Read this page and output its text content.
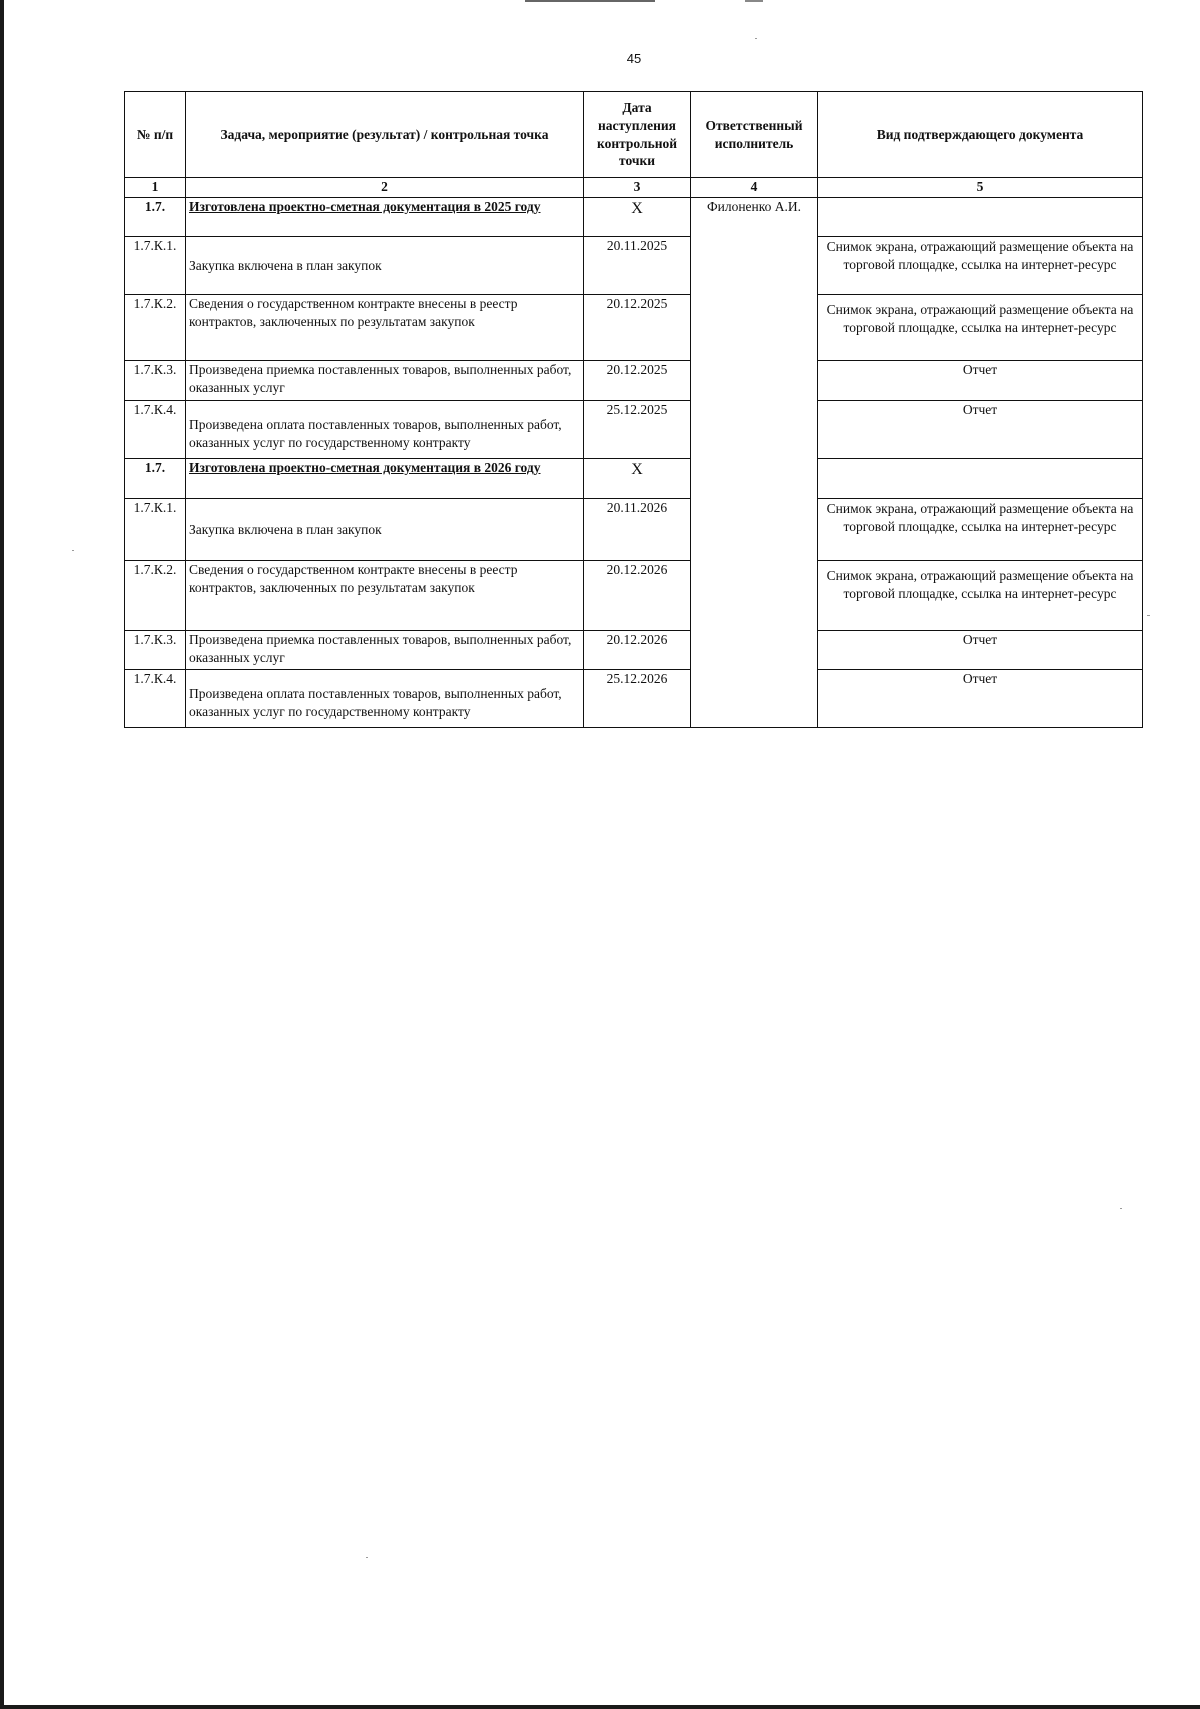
45
№ п/п	Задача, мероприятие (результат) / контрольная точка	Дата наступления контрольной точки	Ответственный исполнитель	Вид подтверждающего документа
1	2	3	4	5
1.7.	Изготовлена проектно-сметная документация в 2025 году	Х	Филоненко А.И.	
1.7.К.1.	Закупка включена в план закупок	20.11.2025		Снимок экрана, отражающий размещение объекта на торговой площадке, ссылка на интернет-ресурс
1.7.К.2.	Сведения о государственном контракте внесены в реестр контрактов, заключенных по результатам закупок	20.12.2025		Снимок экрана, отражающий размещение объекта на торговой площадке, ссылка на интернет-ресурс
1.7.К.3.	Произведена приемка поставленных товаров, выполненных работ, оказанных услуг	20.12.2025		Отчет
1.7.К.4.	Произведена оплата поставленных товаров, выполненных работ, оказанных услуг по государственному контракту	25.12.2025		Отчет
1.7.	Изготовлена проектно-сметная документация в 2026 году	Х		
1.7.К.1.	Закупка включена в план закупок	20.11.2026		Снимок экрана, отражающий размещение объекта на торговой площадке, ссылка на интернет-ресурс
1.7.К.2.	Сведения о государственном контракте внесены в реестр контрактов, заключенных по результатам закупок	20.12.2026		Снимок экрана, отражающий размещение объекта на торговой площадке, ссылка на интернет-ресурс
1.7.К.3.	Произведена приемка поставленных товаров, выполненных работ, оказанных услуг	20.12.2026		Отчет
1.7.К.4.	Произведена оплата поставленных товаров, выполненных работ, оказанных услуг по государственному контракту	25.12.2026		Отчет
